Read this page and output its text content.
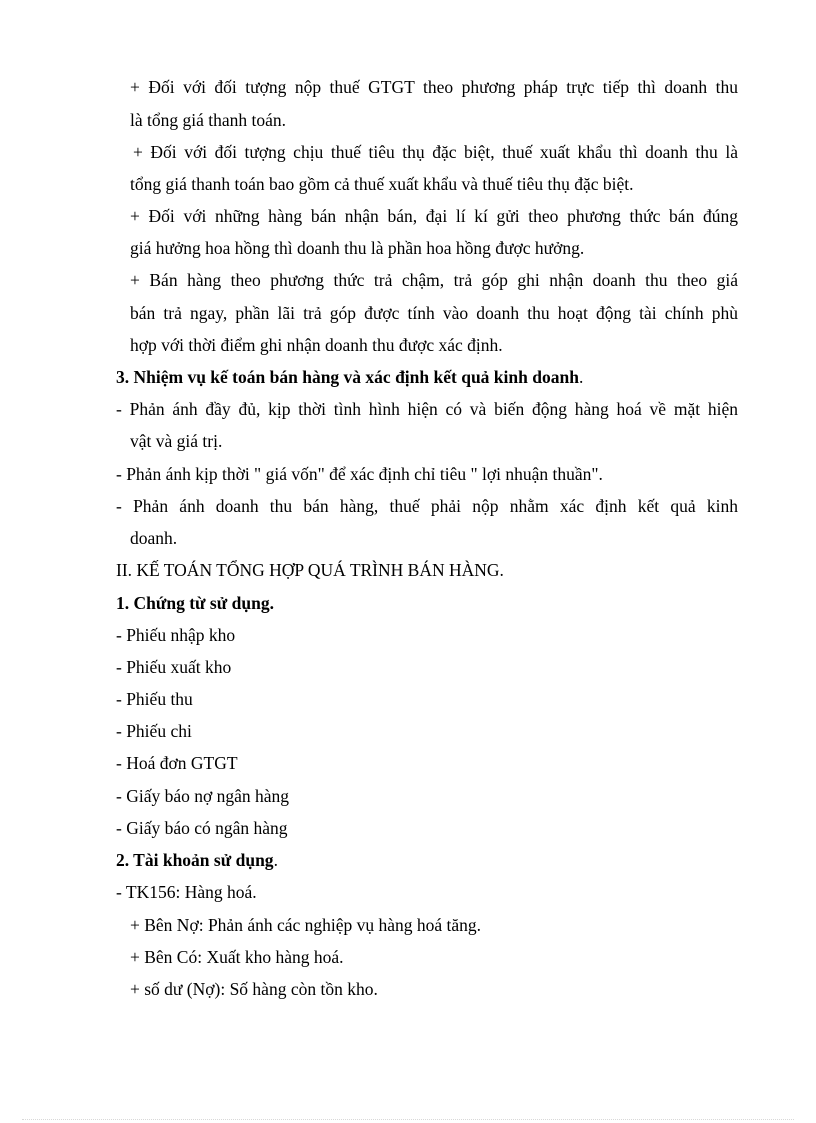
+ Đối với đối tượng nộp thuế GTGT theo phương pháp trực tiếp thì doanh thu

là tổng giá thanh toán.

+ Đối với đối tượng chịu thuế tiêu thụ đặc biệt, thuế xuất khẩu thì doanh thu là

tổng giá thanh toán bao gồm cả thuế xuất khẩu và thuế tiêu thụ đặc biệt.

+ Đối với những hàng bán nhận bán, đại lí kí gửi theo phương thức bán đúng

giá hưởng hoa hồng thì doanh thu là phần hoa hồng được hưởng.

+ Bán hàng theo phương thức trả chậm, trả góp ghi nhận doanh thu theo giá

bán trả ngay, phần lãi trả góp được tính vào doanh thu hoạt động tài chính phù

hợp với thời điểm ghi nhận doanh thu được xác định.

3. Nhiệm vụ kế toán bán hàng và xác định kết quả kinh doanh.

- Phản ánh đầy đủ, kịp thời tình hình hiện có và biến động hàng hoá về mặt hiện

vật và giá trị.

- Phản ánh kịp thời " giá vốn" để xác định chỉ tiêu " lợi nhuận thuần".

- Phản ánh doanh thu bán hàng, thuế phải nộp nhằm xác định kết quả kinh

doanh.

II. KẾ TOÁN TỔNG HỢP QUÁ TRÌNH BÁN HÀNG.

1. Chứng từ sử dụng.

- Phiếu nhập kho

- Phiếu xuất kho

- Phiếu thu

- Phiếu chi

- Hoá đơn GTGT

- Giấy báo nợ ngân hàng

- Giấy báo có ngân hàng

2. Tài khoản sử dụng.

- TK156: Hàng hoá.

+ Bên Nợ: Phản ánh các nghiệp vụ hàng hoá tăng.

+ Bên Có: Xuất kho hàng hoá.

+ số dư (Nợ): Số hàng còn tồn kho.
